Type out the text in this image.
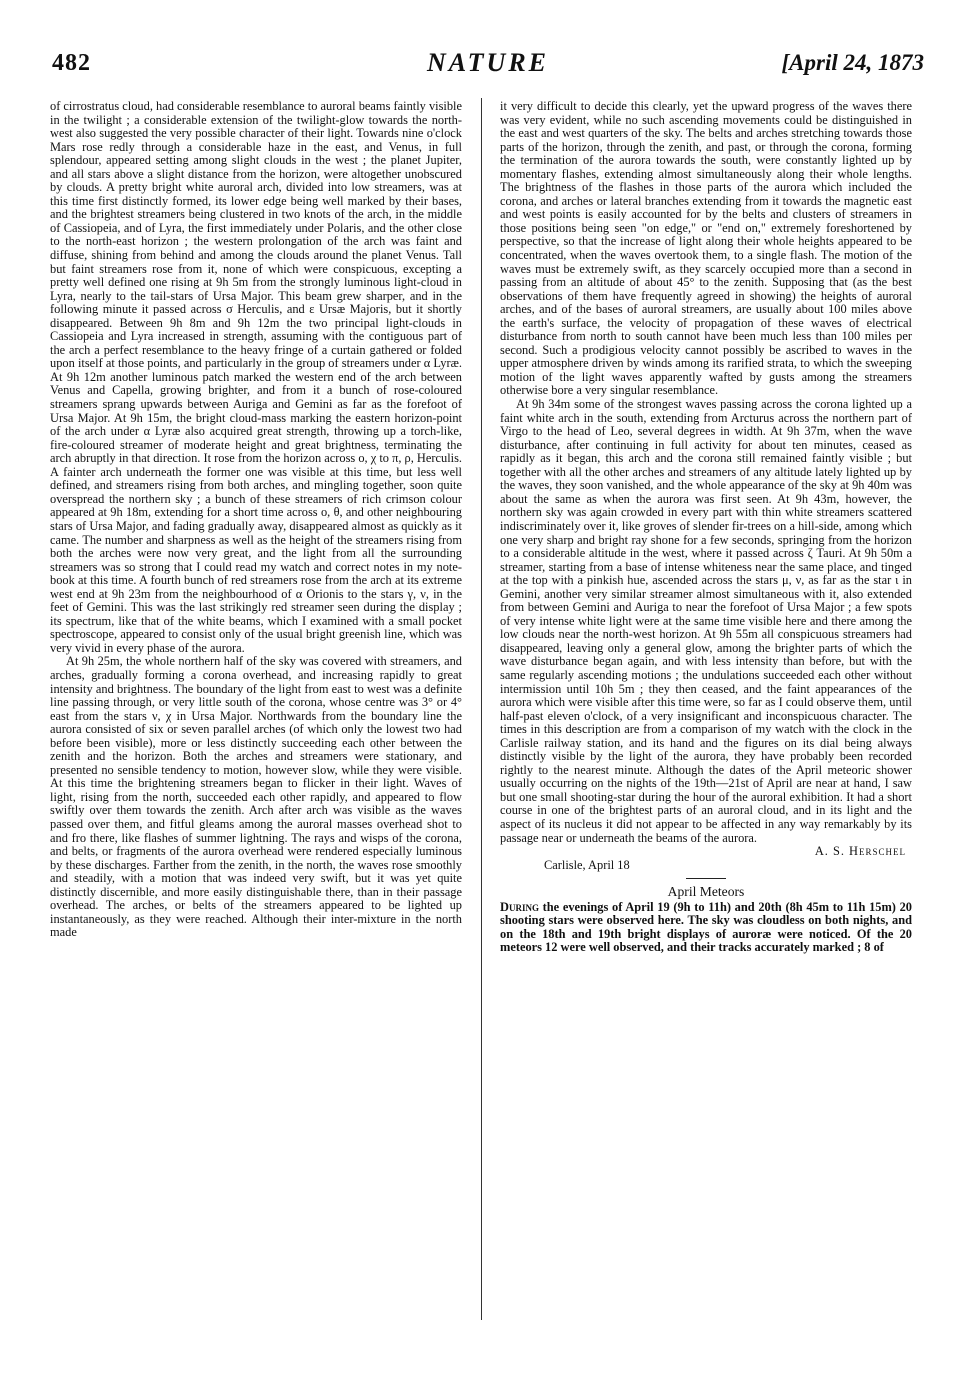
482	NATURE	[April 24, 1873

of cirrostratus cloud, had considerable resemblance to auroral beams faintly visible in the twilight ; a considerable extension of the twilight-glow towards the north-west also suggested the very possible character of their light. Towards nine o'clock Mars rose redly through a considerable haze in the east, and Venus, in full splendour, appeared setting among slight clouds in the west ; the planet Jupiter, and all stars above a slight distance from the horizon, were altogether unobscured by clouds. A pretty bright white auroral arch, divided into low streamers, was at this time first distinctly formed, its lower edge being well marked by their bases, and the brightest streamers being clustered in two knots of the arch, in the middle of Cassiopeia, and of Lyra, the first immediately under Polaris, and the other close to the north-east horizon ; the western prolongation of the arch was faint and diffuse, shining from behind and among the clouds around the planet Venus. Tall but faint streamers rose from it, none of which were conspicuous, excepting a pretty well defined one rising at 9h 5m from the strongly luminous light-cloud in Lyra, nearly to the tail-stars of Ursa Major. This beam grew sharper, and in the following minute it passed across σ Herculis, and ε Ursæ Majoris, but it shortly disappeared. Between 9h 8m and 9h 12m the two principal light-clouds in Cassiopeia and Lyra increased in strength, assuming with the contiguous part of the arch a perfect resemblance to the heavy fringe of a curtain gathered or folded upon itself at those points, and particularly in the group of streamers under α Lyræ. At 9h 12m another luminous patch marked the western end of the arch between Venus and Capella, growing brighter, and from it a bunch of rose-coloured streamers sprang upwards between Auriga and Gemini as far as the forefoot of Ursa Major. At 9h 15m, the bright cloud-mass marking the eastern horizon-point of the arch under α Lyræ also acquired great strength, throwing up a torch-like, fire-coloured streamer of moderate height and great brightness, terminating the arch abruptly in that direction. It rose from the horizon across o, χ to π, ρ, Herculis. A fainter arch underneath the former one was visible at this time, but less well defined, and streamers rising from both arches, and mingling together, soon quite overspread the northern sky ; a bunch of these streamers of rich crimson colour appeared at 9h 18m, extending for a short time across o, θ, and other neighbouring stars of Ursa Major, and fading gradually away, disappeared almost as quickly as it came. The number and sharpness as well as the height of the streamers rising from both the arches were now very great, and the light from all the surrounding streamers was so strong that I could read my watch and correct notes in my note-book at this time. A fourth bunch of red streamers rose from the arch at its extreme west end at 9h 23m from the neighbourhood of α Orionis to the stars γ, ν, in the feet of Gemini. This was the last strikingly red streamer seen during the display ; its spectrum, like that of the white beams, which I examined with a small pocket spectroscope, appeared to consist only of the usual bright greenish line, which was very vivid in every phase of the aurora.

At 9h 25m, the whole northern half of the sky was covered with streamers, and arches, gradually forming a corona overhead, and increasing rapidly to great intensity and brightness. The boundary of the light from east to west was a definite line passing through, or very little south of the corona, whose centre was 3° or 4° east from the stars ν, χ in Ursa Major. Northwards from the boundary line the aurora consisted of six or seven parallel arches (of which only the lowest two had before been visible), more or less distinctly succeeding each other between the zenith and the horizon. Both the arches and streamers were stationary, and presented no sensible tendency to motion, however slow, while they were visible. At this time the brightening streamers began to flicker in their light. Waves of light, rising from the north, succeeded each other rapidly, and appeared to flow swiftly over them towards the zenith. Arch after arch was visible as the waves passed over them, and fitful gleams among the auroral masses overhead shot to and fro there, like flashes of summer lightning. The rays and wisps of the corona, and belts, or fragments of the aurora overhead were rendered especially luminous by these discharges. Farther from the zenith, in the north, the waves rose smoothly and steadily, with a motion that was indeed very swift, but it was yet quite distinctly discernible, and more easily distinguishable there, than in their passage overhead. The arches, or belts of the streamers appeared to be lighted up instantaneously, as they were reached. Although their inter-mixture in the north made

it very difficult to decide this clearly, yet the upward progress of the waves there was very evident, while no such ascending movements could be distinguished in the east and west quarters of the sky. The belts and arches stretching towards those parts of the horizon, through the zenith, and past, or through the corona, forming the termination of the aurora towards the south, were constantly lighted up by momentary flashes, extending almost simultaneously along their whole lengths. The brightness of the flashes in those parts of the aurora which included the corona, and arches or lateral branches extending from it towards the magnetic east and west points is easily accounted for by the belts and clusters of streamers in those positions being seen "on edge," or "end on," extremely foreshortened by perspective, so that the increase of light along their whole heights appeared to be concentrated, when the waves overtook them, to a single flash. The motion of the waves must be extremely swift, as they scarcely occupied more than a second in passing from an altitude of about 45° to the zenith. Supposing that (as the best observations of them have frequently agreed in showing) the heights of auroral arches, and of the bases of auroral streamers, are usually about 100 miles above the earth's surface, the velocity of propagation of these waves of electrical disturbance from north to south cannot have been much less than 100 miles per second. Such a prodigious velocity cannot possibly be ascribed to waves in the upper atmosphere driven by winds among its rarified strata, to which the sweeping motion of the light waves apparently wafted by gusts among the streamers otherwise bore a very singular resemblance.

At 9h 34m some of the strongest waves passing across the corona lighted up a faint white arch in the south, extending from Arcturus across the northern part of Virgo to the head of Leo, several degrees in width. At 9h 37m, when the wave disturbance, after continuing in full activity for about ten minutes, ceased as rapidly as it began, this arch and the corona still remained faintly visible ; but together with all the other arches and streamers of any altitude lately lighted up by the waves, they soon vanished, and the whole appearance of the sky at 9h 40m was about the same as when the aurora was first seen. At 9h 43m, however, the northern sky was again crowded in every part with thin white streamers scattered indiscriminately over it, like groves of slender fir-trees on a hill-side, among which one very sharp and bright ray shone for a few seconds, springing from the horizon to a considerable altitude in the west, where it passed across ζ Tauri. At 9h 50m a streamer, starting from a base of intense whiteness near the same place, and tinged at the top with a pinkish hue, ascended across the stars μ, ν, as far as the star ι in Gemini, another very similar streamer almost simultaneous with it, also extended from between Gemini and Auriga to near the forefoot of Ursa Major ; a few spots of very intense white light were at the same time visible here and there among the low clouds near the north-west horizon. At 9h 55m all conspicuous streamers had disappeared, leaving only a general glow, among the brighter parts of which the wave disturbance began again, and with less intensity than before, but with the same regularly ascending motions ; the undulations succeeded each other without intermission until 10h 5m ; they then ceased, and the faint appearances of the aurora which were visible after this time were, so far as I could observe them, until half-past eleven o'clock, of a very insignificant and inconspicuous character. The times in this description are from a comparison of my watch with the clock in the Carlisle railway station, and its hand and the figures on its dial being always distinctly visible by the light of the aurora, they have probably been recorded rightly to the nearest minute. Although the dates of the April meteoric shower usually occurring on the nights of the 19th—21st of April are near at hand, I saw but one small shooting-star during the hour of the auroral exhibition. It had a short course in one of the brightest parts of an auroral cloud, and in its light and the aspect of its nucleus it did not appear to be affected in any way remarkably by its passage near or underneath the beams of the aurora.

A. S. Herschel

Carlisle, April 18

April Meteors

During the evenings of April 19 (9h to 11h) and 20th (8h 45m to 11h 15m) 20 shooting stars were observed here. The sky was cloudless on both nights, and on the 18th and 19th bright displays of auroræ were noticed. Of the 20 meteors 12 were well observed, and their tracks accurately marked ; 8 of
